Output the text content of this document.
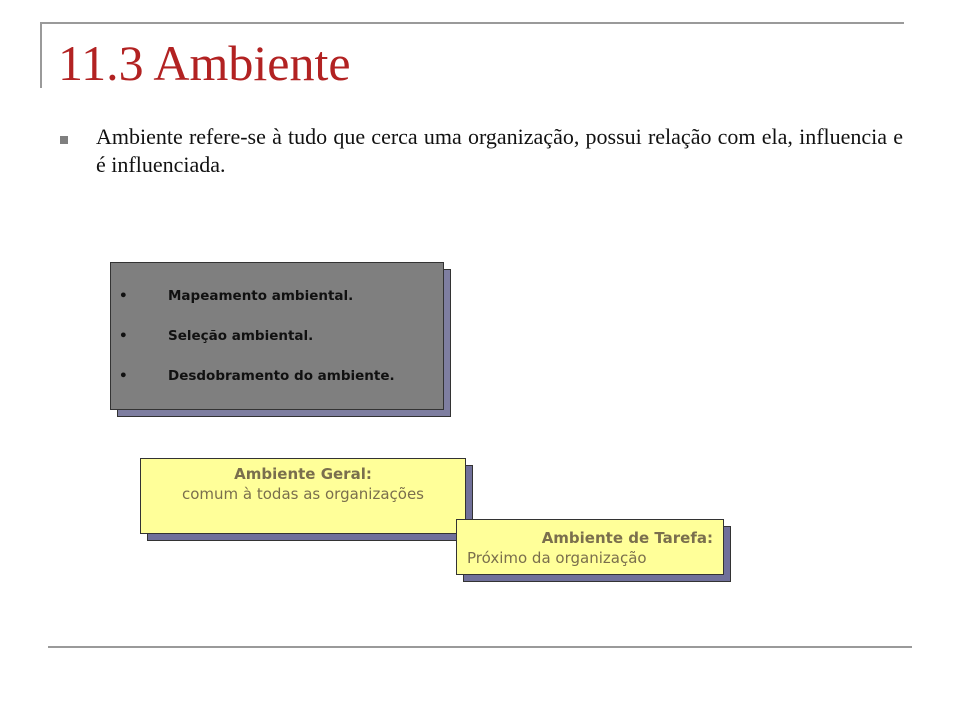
11.3 Ambiente

Ambiente refere-se à tudo que cerca uma organização, possui relação com ela, influencia e é influenciada.

•	Mapeamento ambiental.
•	Seleção ambiental.
•	Desdobramento do ambiente.
Ambiente Geral:
comum à todas as organizações
Ambiente de Tarefa:
Próximo da organização
